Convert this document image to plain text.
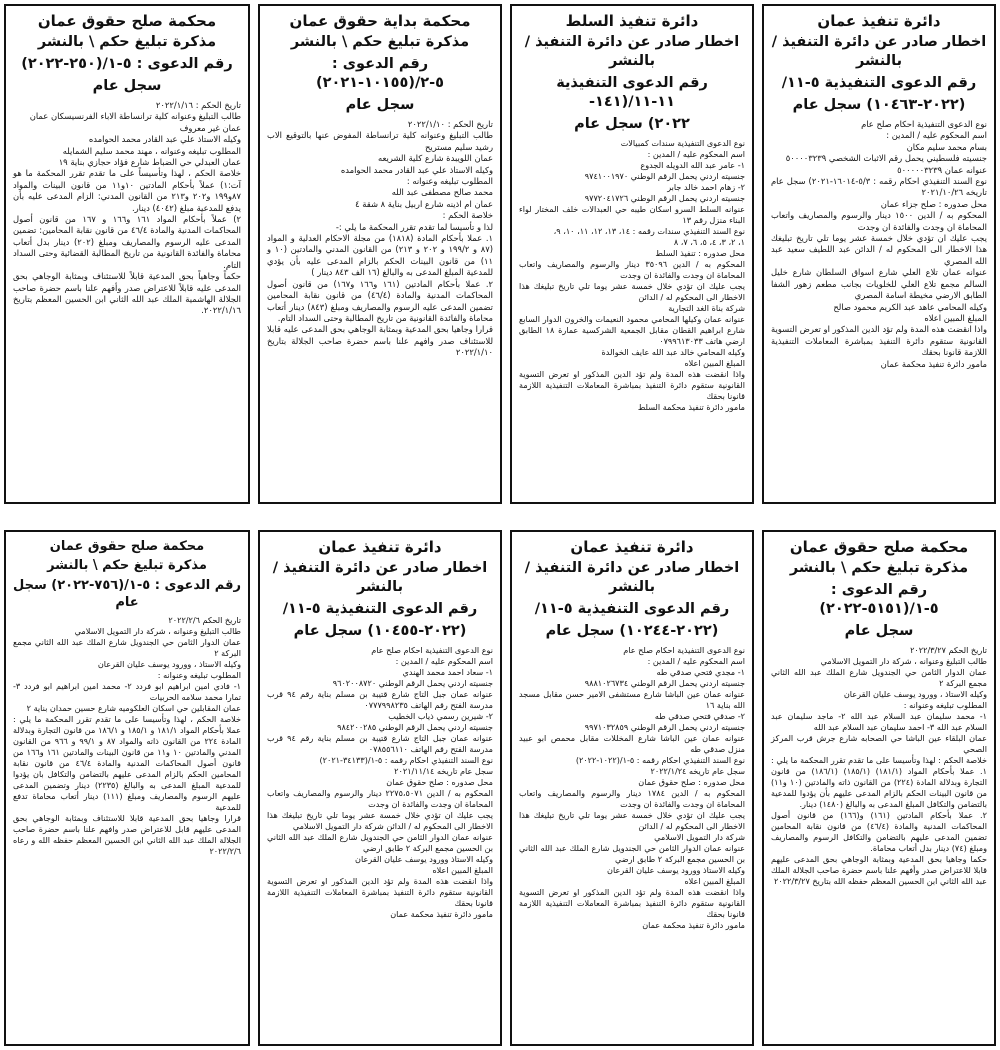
دائرة تنفيذ عمان
اخطار صادر عن دائرة التنفيذ / بالنشر
رقم الدعوى التنفيذية ٥-١١/
(٢٠٢٢-١٠٤٦٣) سجل عام
نوع الدعوى التنفيذية احكام صلح عام
اسم المحكوم عليه / المدين :
بسام محمد سليم مكان
جنسيته فلسطيني يحمل رقم الاثبات الشخصي ٥٠٠٠٠٣٢٣٩
عنوانه عمان ٥٠٠٠٠٠٣٢٣٩
نوع السند التنفيذي احكام رقمه : ٥/٣-١٦٠١٤-٢٠٢١) سجل عام تاريخه ٢٠٢١/١٠/٢٦
محل صدوره : صلح جزاء عمان
المحكوم به / الدين ١٥٠٠ دينار والرسوم والمصاريف واتعاب المحاماة ان وجدت والفائدة ان وجدت
يجب عليك ان تؤدي خلال خمسة عشر يوما تلي تاريخ تبليغك هذا الاخطار الى المحكوم له / الدائن عبد اللطيف سعيد عبد الله المصري
عنوانه عمان تلاع العلي شارع اسواق السلطان شارع خليل السالم مجمع تلاع العلي للخلويات بجانب مطعم زهور الشفا الطابق الارضي مخيطة اسامة المصري
وكيله المحامي عاهد عبد الكريم محمود صالح
المبلغ المبين اعلاه
واذا انقضت هذه المدة ولم تؤد الدين المذكور او تعرض التسوية القانونية ستقوم دائرة التنفيذ بمباشرة المعاملات التنفيذية اللازمة قانونا بحقك
مامور دائرة تنفيذ محكمة عمان
دائرة تنفيذ السلط
اخطار صادر عن دائرة التنفيذ / بالنشر
رقم الدعوى التنفيذية ١١-١١/(١٤١-
٢٠٢٢) سجل عام
نوع الدعوى التنفيذية سندات كمبيالات
اسم المحكوم عليه / المدين :
١- عامر عبد الله الدويله الجدوع
جنسيته اردني يحمل الرقم الوطني ٩٧٤١٠٠١٩٧٠
٢- زهام احمد خالد جابر
جنسيته اردني يحمل الرقم الوطني ٩٧٧٢٠٤١٧٢٦
عنوانه السلط السرو اسكان طيبه حي العبدالات خلف المختار لواء البناء منزل رقم ١٣
نوع السند التنفيذي سندات رقمه : ١٤، ١٣، ١٢، ١١، ١٠، ٩،
١، ٢، ٣، ٤، ٥، ٦، ٧، ٨
محل صدوره : تنفيذ السلط
المحكوم به / الدين ٣٥٠٩٦ دينار والرسوم والمصاريف واتعاب المحاماة ان وجدت والفائدة ان وجدت
يجب عليك ان تؤدي خلال خمسة عشر يوما تلي تاريخ تبليغك هذا الاخطار الى المحكوم له / الدائن
شركة بناة الغد التجارية
عنوانه عمان وكيلها المحامي محمود النعيمات والخرون الدوار السابع شارع ابراهيم القطان مقابل الجمعية الشركسية عمارة ١٨ الطابق ارضي هاتف ٠٧٩٩٦١٣٠٣٣
وكيله المحامي خالد عبد الله عايف الخوالدة
المبلغ المبين اعلاه
واذا انقضت هذه المدة ولم تؤد الدين المذكور او تعرض التسوية القانونية ستقوم دائرة التنفيذ بمباشرة المعاملات التنفيذية اللازمة قانونا بحقك
مامور دائرة تنفيذ محكمة السلط
محكمة بداية حقوق عمان
مذكرة تبليغ حكم \ بالنشر
رقم الدعوى : ٥-٢/(١٠١٥٥-٢٠٢١)
سجل عام
تاريخ الحكم : ٢٠٢٢/١/١٠
طالب التبليغ وعنوانه كلية ترانساطة المفوض عنها بالتوقيع الاب رشيد سليم مستريح
عمان اللويبدة شارع كلية الشريعه
وكيله الاستاذ علي عبد القادر محمد الحوامده
المطلوب تبليغه وعنوانه :
محمد صالح مصطفى عبد الله
عمان ام اذينه شارع اربيل بناية ٨ شقة ٤
خلاصة الحكم :
لذا و تأسيسا لما تقدم تقرر المحكمة ما يلي :-
١. عملا بأحكام المادة (١٨١٨) من مجلة الاحكام العدلية و المواد (٨٧ و ١٩٩/٢ و ٢٠٢ و ٢١٣) من القانون المدني والمادتين (١٠ و ١١) من قانون البينات الحكم بالزام المدعى عليه بأن يؤدي للمدعية المبلغ المدعى به والبالغ (١٦ الف ٨٤٣ دينار )
٢. عملا بأحكام المادتين (١٦١ و١٦٦ و١٦٧) من قانون أصول المحاكمات المدنية والمادة (٤٦/٤) من قانون نقابة المحامين تضمين المدعى عليه الرسوم والمصاريف ومبلغ (٨٤٣) دينار أتعاب محاماة والفائدة القانونية من تاريخ المطالبة وحتى السداد التام.
قرارا وجاهيا بحق المدعية وبمثابة الوجاهي بحق المدعى عليه قابلا للاستئناف صدر وافهم علنا باسم حضرة صاحب الجلالة بتاريخ ٢٠٢٢/١/١٠
محكمة صلح حقوق عمان
مذكرة تبليغ حكم \ بالنشر
رقم الدعوى : ٥-١/(٢٥٠-٢٠٢٢)
سجل عام
تاريخ الحكم : ٢٠٢٢/١/١٦
طالب التبليغ وعنوانه كلية ترانساطة الاباء الفرنسيسكان عمان
عمان غير معروف
وكيله الاستاذ علي عبد القادر محمد الحوامده
المطلوب تبليغه وعنوانه ، مهند محمد سليم الشمايله
عمان العبدلي حي الضباط شارع فؤاد حجازي بناية ١٩
خلاصة الحكم ، لهذا وتأسيساً على ما تقدم تقرر المحكمة ما هو آت:١) عملاً بأحكام المادتين ١٠و١١ من قانون البينات والمواد ٨٧و١٩٩ و٢٠٢ و٢١٣ من القانون المدني: الزام المدعى عليه بأن يدفع للمدعية مبلغ (٤٠٤٢) دينار.
٢) عملاً بأحكام المواد ١٦١ و١٦٦ و ١٦٧ من قانون أصول المحاكمات المدنية والمادة ٤٦/٤ من قانون نقابة المحامين: تضمين المدعى عليه الرسوم والمصاريف ومبلغ (٢٠٢) دينار بدل أتعاب محاماة والفائدة القانونية من تاريخ المطالبة القضائية وحتى السداد التام.
حكماً وجاهياً بحق المدعية قابلاً للاستئناف وبمثابة الوجاهي بحق المدعى عليه قابلاً للاعتراض صدر وأفهم علنا باسم حضرة صاحب الجلالة الهاشمية الملك عبد الله الثاني ابن الحسين المعظم بتاريخ ٢٠٢٢/١/١٦.
محكمة صلح حقوق عمان
مذكرة تبليغ حكم \ بالنشر
رقم الدعوى : ٥-١/(٥١٥١-٢٠٢٢)
سجل عام
تاريخ الحكم ٢٠٢٢/٣/٢٧
طالب التبليغ وعنوانه ، شركة دار التمويل الاسلامي
عمان الدوار الثامن حي الجندويل شارع الملك عبد الله الثاني مجمع البركة ٢
وكيله الاستاذ ، وورود يوسف عليان القرعان
المطلوب تبليغه وعنوانه :
١- محمد سليمان عبد السلام عبد الله ٢- ماجد سليمان عبد السلام عبد الله ٣- احمد سليمان عبد السلام عبد الله
عمان البلقاء عين الباشا حي الصحابه شارع جرش قرب المركز الصحي
خلاصة الحكم : لهذا وتأسيسا على ما تقدم تقرر المحكمة ما يلي : ١. عملا بأحكام المواد (١٨١/١) (١٨٥/١) (١٨٦/١) من قانون التجارة وبدلالة المادة (٢٢٤) من القانون ذاته والمادتين (١٠ و١١) من قانون البينات الحكم بالزام المدعى عليهم بأن يؤدوا للمدعية بالتضامن والتكافل المبلغ المدعى به والبالغ (١٤٨٠) دينار.
٢. عملا بأحكام المادتين (١٦١) و(١٦٦) من قانون أصول المحاكمات المدنية والمادة (٤٦/٤) من قانون نقابة المحامين تضمين المدعى عليهم بالتضامن والتكافل الرسوم والمصاريف ومبلغ (٧٤) دينار بدل أتعاب محاماة.
حكما وجاهيا بحق المدعية وبمثابة الوجاهي بحق المدعى عليهم قابلا للاعتراض صدر وأفهم علنا باسم حضرة صاحب الجلالة الملك عبد الله الثاني ابن الحسين المعظم حفظه الله بتاريخ ٢٠٢٢/٣/٢٧
دائرة تنفيذ عمان
اخطار صادر عن دائرة التنفيذ / بالنشر
رقم الدعوى التنفيذية ٥-١١/
(٢٠٢٢-١٠٢٤٤) سجل عام
نوع الدعوى التنفيذية احكام صلح عام
اسم المحكوم عليه / المدين :
١- مجدي فتحي صدقي طه
جنسيته اردني يحمل الرقم الوطني ٩٨٨١٠٢٦٧٣٤
عنوانه عمان عين الباشا شارع مستشفى الامير حسن مقابل مسجد الله بناية ١٦
٢- صدقي فتحي صدقي طه
جنسيته اردني يحمل الرقم الوطني ٩٩٧١٠٣٢٨٥٩
عنوانه عمان عين الباشا شارع المخللات مقابل محمص ابو عبيد منزل صدقي طه
نوع السند التنفيذي احكام رقمه : ٥-١/(١٠٢٢-٢٠٢٢)
سجل عام تاريخه ٢٠٢٢/١/٢٤
محل صدوره : صلح حقوق عمان
المحكوم به / الدين ١٧٨٤ دينار والرسوم والمصاريف واتعاب المحاماة ان وجدت والفائدة ان وجدت
يجب عليك ان تؤدي خلال خمسة عشر يوما تلي تاريخ تبليغك هذا الاخطار الى المحكوم له / الدائن
شركة دار التمويل الاسلامي
عنوانه عمان الدوار الثامن حي الجندويل شارع الملك عبد الله الثاني بن الحسين مجمع البركة ٢ طابق ارضي
وكيله الاستاذ وورود يوسف عليان القرعان
المبلغ المبين اعلاه
واذا انقضت هذه المدة ولم تؤد الدين المذكور او تعرض التسوية القانونية ستقوم دائرة التنفيذ بمباشرة المعاملات التنفيذية اللازمة قانونا بحقك
مامور دائرة تنفيذ محكمة عمان
دائرة تنفيذ عمان
اخطار صادر عن دائرة التنفيذ / بالنشر
رقم الدعوى التنفيذية ٥-١١/
(٢٠٢٢-١٠٤٥٥) سجل عام
نوع الدعوى التنفيذية احكام صلح عام
اسم المحكوم عليه / المدين :
١- سعاد احمد محمد الهندي
جنسيته اردني يحمل الرقم الوطني ٩٦٠٢٠٠٨٧٢٠
عنوانه عمان جبل التاج شارع قتيبة بن مسلم بناية رقم ٩٤ قرب مدرسة الفتح رقم الهاتف ٠٧٧٧٩٩٨٢٣٥
٢- شيرين رسمي ذياب الخطيب
جنسيته اردني يحمل الرقم الوطني ٩٨٤٢٠٠٢٨٥
عنوانه عمان جبل التاج شارع قتيبة بن مسلم بناية رقم ٩٤ قرب مدرسة الفتح رقم الهاتف ٠٧٨٥٥٦١١٠
نوع السند التنفيذي احكام رقمه : ٥-١/(٣٤١٣٣-٢٠٢١)
سجل عام تاريخه ٢٠٢١/١١/١٤
محل صدوره : صلح حقوق عمان
المحكوم به / الدين ٢٢٧٥،٥٠٧١ دينار والرسوم والمصاريف واتعاب المحاماة ان وجدت والفائدة ان وجدت
يجب عليك ان تؤدي خلال خمسة عشر يوما تلي تاريخ تبليغك هذا الاخطار الى المحكوم له / الدائن شركة دار التمويل الاسلامي
عنوانه عمان الدوار الثامن حي الجندويل شارع الملك عبد الله الثاني بن الحسين مجمع البركة ٢ طابق ارضي
وكيله الاستاذ وورود يوسف عليان القرعان
المبلغ المبين اعلاه
واذا انقضت هذه المدة ولم تؤد الدين المذكور او تعرض التسوية القانونية ستقوم دائرة التنفيذ بمباشرة المعاملات التنفيذية اللازمة قانونا بحقك
مامور دائرة تنفيذ محكمة عمان
محكمة صلح حقوق عمان
مذكرة تبليغ حكم \ بالنشر
رقم الدعوى : ٥-١/(٧٥٦-٢٠٢٢) سجل عام
تاريخ الحكم ٢٠٢٢/٢/٦
طالب التبليغ وعنوانه ، شركة دار التمويل الاسلامي
عمان الدوار الثامن حي الجندويل شارع الملك عبد الله الثاني مجمع البركة ٢
وكيله الاستاذ ، وورود يوسف عليان القرعان
المطلوب تبليغه وعنوانه :
١- فادي امين ابراهيم ابو فردد ٢- محمد امين ابراهيم ابو فردد ٣- تمارا محمد سلامه الحربيات
عمان المقابلين حي اسكان العلكوميه شارع حسين حمدان بناية ٢
خلاصة الحكم ، لهذا وتأسيسا على ما تقدم تقرر المحكمة ما يلي : عملا بأحكام المواد ١٨١/١ و ١٨٥/١ و ١٨٦/١ من قانون التجارة وبدلالة المادة ٢٢٤ من القانون ذاته والمواد ٨٧ و ٩٩/١ و ٩٦٦ من القانون المدني والمادتين ١٠ و١١ من قانون البينات والمادتين ١٦١ و١٦٦ من قانون أصول المحاكمات المدنية والمادة ٤٦/٤ من قانون نقابة المحامين الحكم بالزام المدعى عليهم بالتضامن والتكافل بان يؤدوا للمدعية المبلغ المدعى به والبالغ (٢٢٣٥) دينار وتضمين المدعى عليهم الرسوم والمصاريف ومبلغ (١١١) دينار أتعاب محاماة تدفع للمدعية
قرارا وجاهيا بحق المدعية قابلا للاستئناف وبمثابة الوجاهي بحق المدعى عليهم قابل للاعتراض صدر وافهم علنا باسم حضرة صاحب الجلالة الملك عبد الله الثاني ابن الحسين المعظم حفظه الله و رعاه ٢٠٢٢/٢/٦
